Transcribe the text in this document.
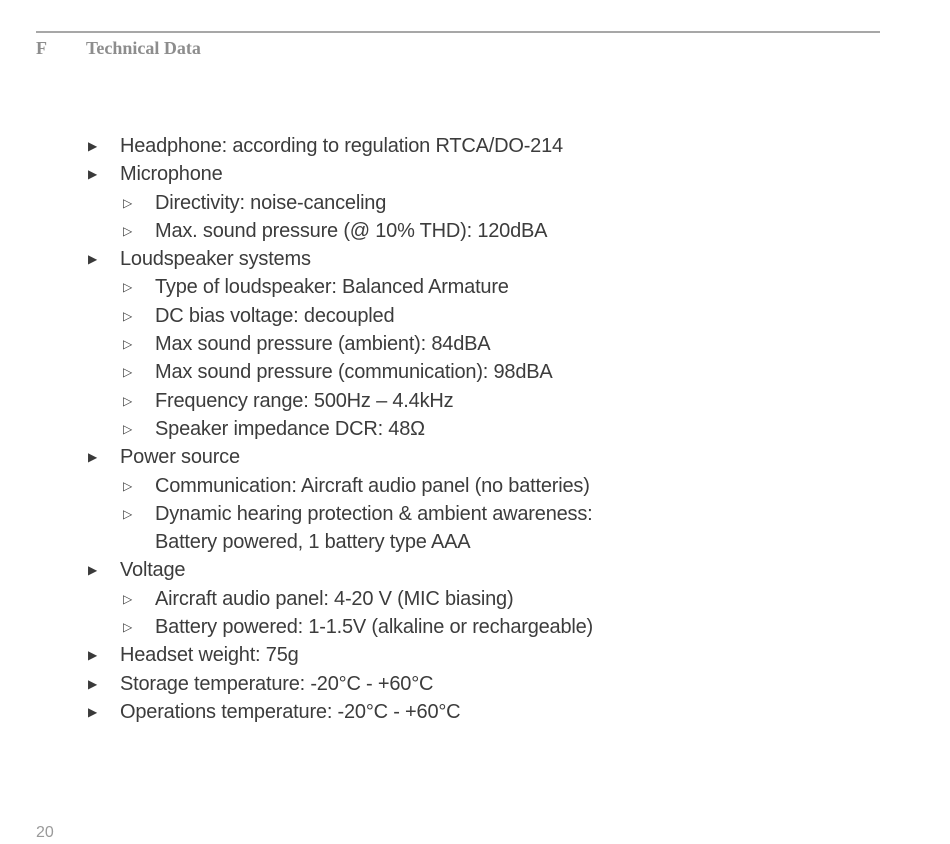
F Technical Data
▶ Headphone: according to regulation RTCA/DO-214
▶ Microphone
▷ Directivity: noise-canceling
▷ Max. sound pressure (@ 10% THD): 120dBA
▶ Loudspeaker systems
▷ Type of loudspeaker: Balanced Armature
▷ DC bias voltage: decoupled
▷ Max sound pressure (ambient): 84dBA
▷ Max sound pressure (communication): 98dBA
▷ Frequency range: 500Hz – 4.4kHz
▷ Speaker impedance DCR: 48Ω
▶ Power source
▷ Communication: Aircraft audio panel (no batteries)
▷ Dynamic hearing protection & ambient awareness:
Battery powered, 1 battery type AAA
▶ Voltage
▷ Aircraft audio panel: 4-20 V (MIC biasing)
▷ Battery powered: 1-1.5V (alkaline or rechargeable)
▶ Headset weight: 75g
▶ Storage temperature: -20°C - +60°C
▶ Operations temperature: -20°C - +60°C
20
